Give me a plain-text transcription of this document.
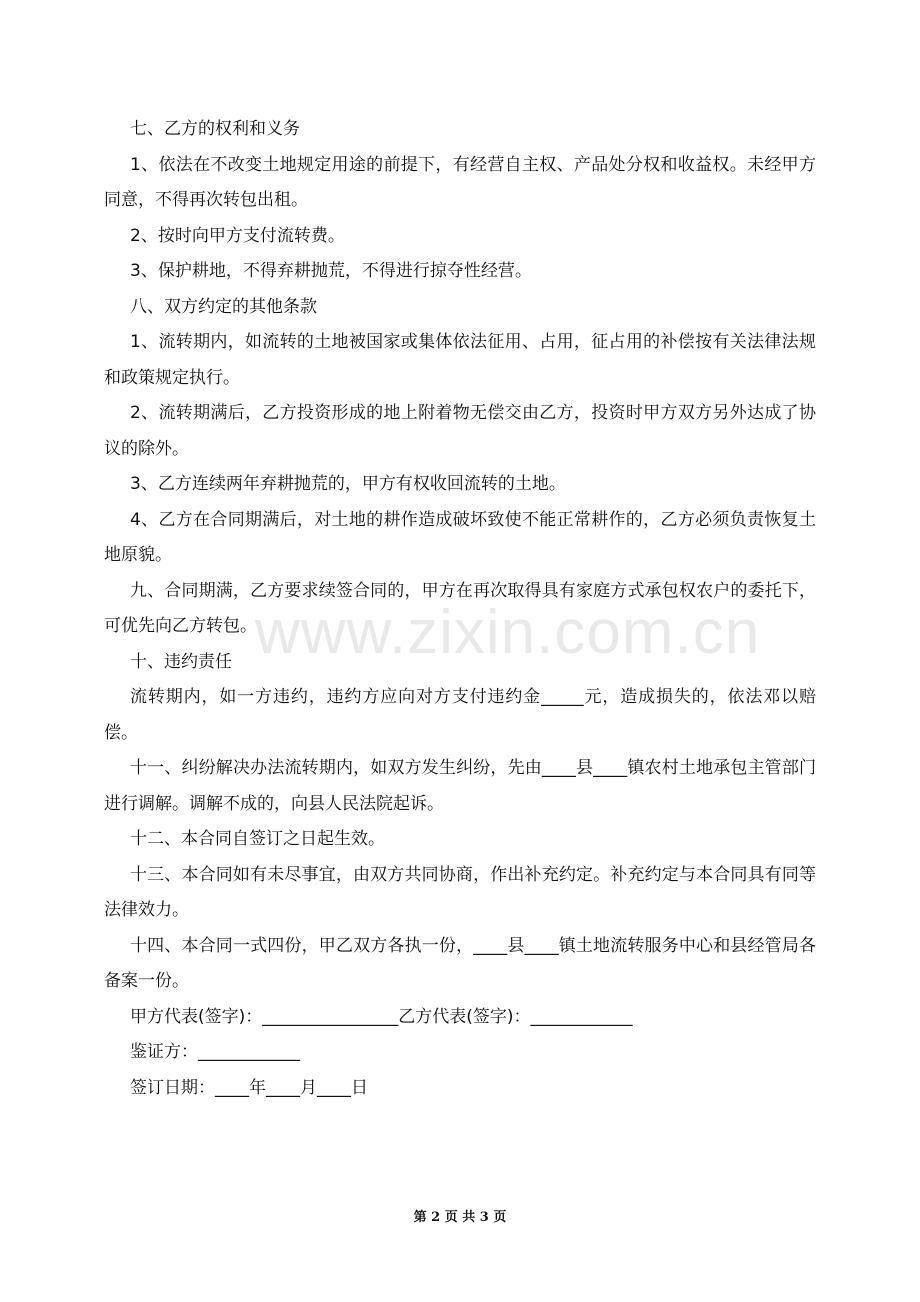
七、乙方的权利和义务

1、依法在不改变土地规定用途的前提下，有经营自主权、产品处分权和收益权。未经甲方同意，不得再次转包出租。

2、按时向甲方支付流转费。

3、保护耕地，不得弃耕抛荒，不得进行掠夺性经营。

八、双方约定的其他条款

1、流转期内，如流转的土地被国家或集体依法征用、占用，征占用的补偿按有关法律法规和政策规定执行。

2、流转期满后，乙方投资形成的地上附着物无偿交由乙方，投资时甲方双方另外达成了协议的除外。

3、乙方连续两年弃耕抛荒的，甲方有权收回流转的土地。

4、乙方在合同期满后，对土地的耕作造成破坏致使不能正常耕作的，乙方必须负责恢复土地原貌。

九、合同期满，乙方要求续签合同的，甲方在再次取得具有家庭方式承包权农户的委托下，可优先向乙方转包。

十、违约责任

流转期内，如一方违约，违约方应向对方支付违约金_____元，造成损失的，依法邓以赔偿。

十一、纠纷解决办法流转期内，如双方发生纠纷，先由____县____镇农村土地承包主管部门进行调解。调解不成的，向县人民法院起诉。

十二、本合同自签订之日起生效。

十三、本合同如有未尽事宜，由双方共同协商，作出补充约定。补充约定与本合同具有同等法律效力。

十四、本合同一式四份，甲乙双方各执一份，____县____镇土地流转服务中心和县经管局各备案一份。

甲方代表(签字)：________________乙方代表(签字)：____________

鉴证方：____________

签订日期：____年____月____日

www.zixin.com.cn
第 2 页 共 3 页
